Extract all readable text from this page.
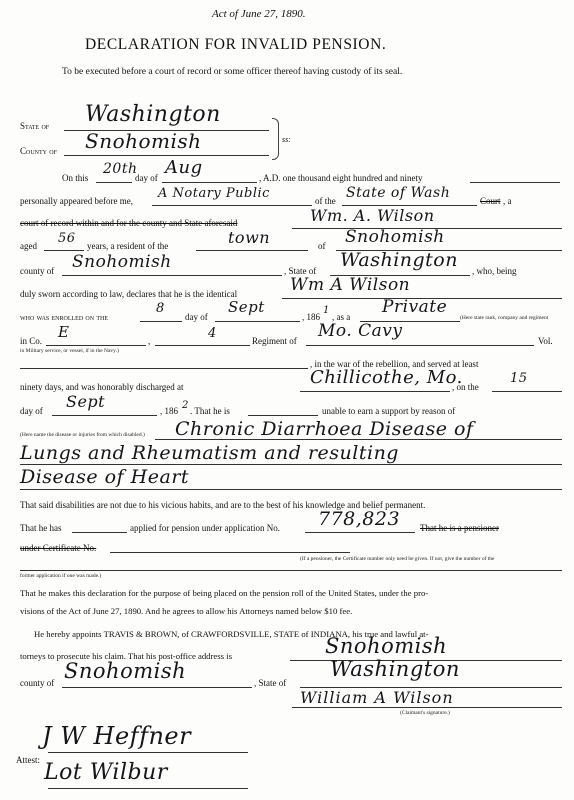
Act of June 27, 1890.
DECLARATION FOR INVALID PENSION.
To be executed before a court of record or some officer thereof having custody of its seal.
State of Washington
County of Snohomish	ss:
On this
20th
day of Aug	, A.D. one thousand eight hundred and ninety
personally appeared before me, A Notary Public	of the State of Wash	Court , a
court of record within and for the county and State aforesaid	Wm. A. Wilson
aged 56 years, a resident of the	town	of Snohomish
county of Snohomish	, State of Washington , who, being
duly sworn according to law, declares that he is the identical	Wm A Wilson
who was enrolled on the
8
day of
Sept
, 186
1
, as a Private
(Here state rank, company and regiment
in Co. E	,	4	Regiment of Mo. Cavy	Vol.
in Military service, or vessel, if in the Navy.)
, in the war of the rebellion, and served at least
ninety days, and was honorably discharged at	Chillicothe, Mo.
, on the
15
day of Sept	, 186 2 . That he is	unable to earn a support by reason of
(Here name the disease or injuries from which disabled.) Chronic Diarrhoea Disease of
Lungs and Rheumatism and resulting
Disease of Heart
That said disabilities are not due to his vicious habits, and are to the best of his knowledge and belief permanent.
That he has	applied for pension under application No. 778,823 That he is a pensioner
under Certificate No.
(If a pensioner, the Certificate number only need be given. If not, give the number of the
former application if one was made.)
That he makes this declaration for the purpose of being placed on the pension roll of the United States, under the pro-
visions of the Act of June 27, 1890. And he agrees to allow his Attorneys named below $10 fee.
He hereby appoints TRAVIS & BROWN, of CRAWFORDSVILLE, STATE of INDIANA, his true and lawful at-
torneys to prosecute his claim. That his post-office address is	Snohomish
county of Snohomish	, State of
Washington
William A Wilson
(Claimant's signature.)
Attest:
J W Heffner
Lot Wilbur
